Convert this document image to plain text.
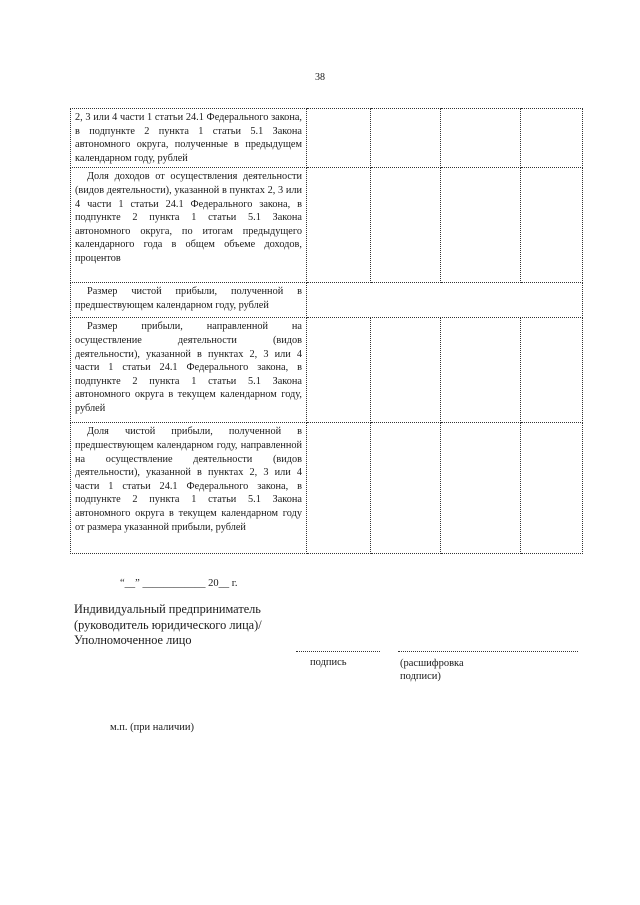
38
2, 3 или 4 части 1 статьи 24.1 Федерального закона, в подпункте 2 пункта 1 статьи 5.1 Закона автономного округа, полученные в предыдущем календарном году, рублей				
Доля доходов от осуществления деятельности (видов деятельности), указанной в пунктах 2, 3 или 4 части 1 статьи 24.1 Федерального закона, в подпункте 2 пункта 1 статьи 5.1 Закона автономного округа, по итогам предыдущего календарного года в общем объеме доходов, процентов				
Размер чистой прибыли, полученной в предшествующем календарном году, рублей				
Размер прибыли, направленной на осуществление деятельности (видов деятельности), указанной в пунктах 2, 3 или 4 части 1 статьи 24.1 Федерального закона, в подпункте 2 пункта 1 статьи 5.1 Закона автономного округа в текущем календарном году, рублей				
Доля чистой прибыли, полученной в предшествующем календарном году, направленной на осуществление деятельности (видов деятельности), указанной в пунктах 2, 3 или 4 части 1 статьи 24.1 Федерального закона, в подпункте 2 пункта 1 статьи 5.1 Закона автономного округа в текущем календарном году от размера указанной прибыли, рублей				
“__” ____________ 20__ г.
Индивидуальный предприниматель
(руководитель юридического лица)/
Уполномоченное лицо
подпись	(расшифровка подписи)
м.п. (при наличии)
